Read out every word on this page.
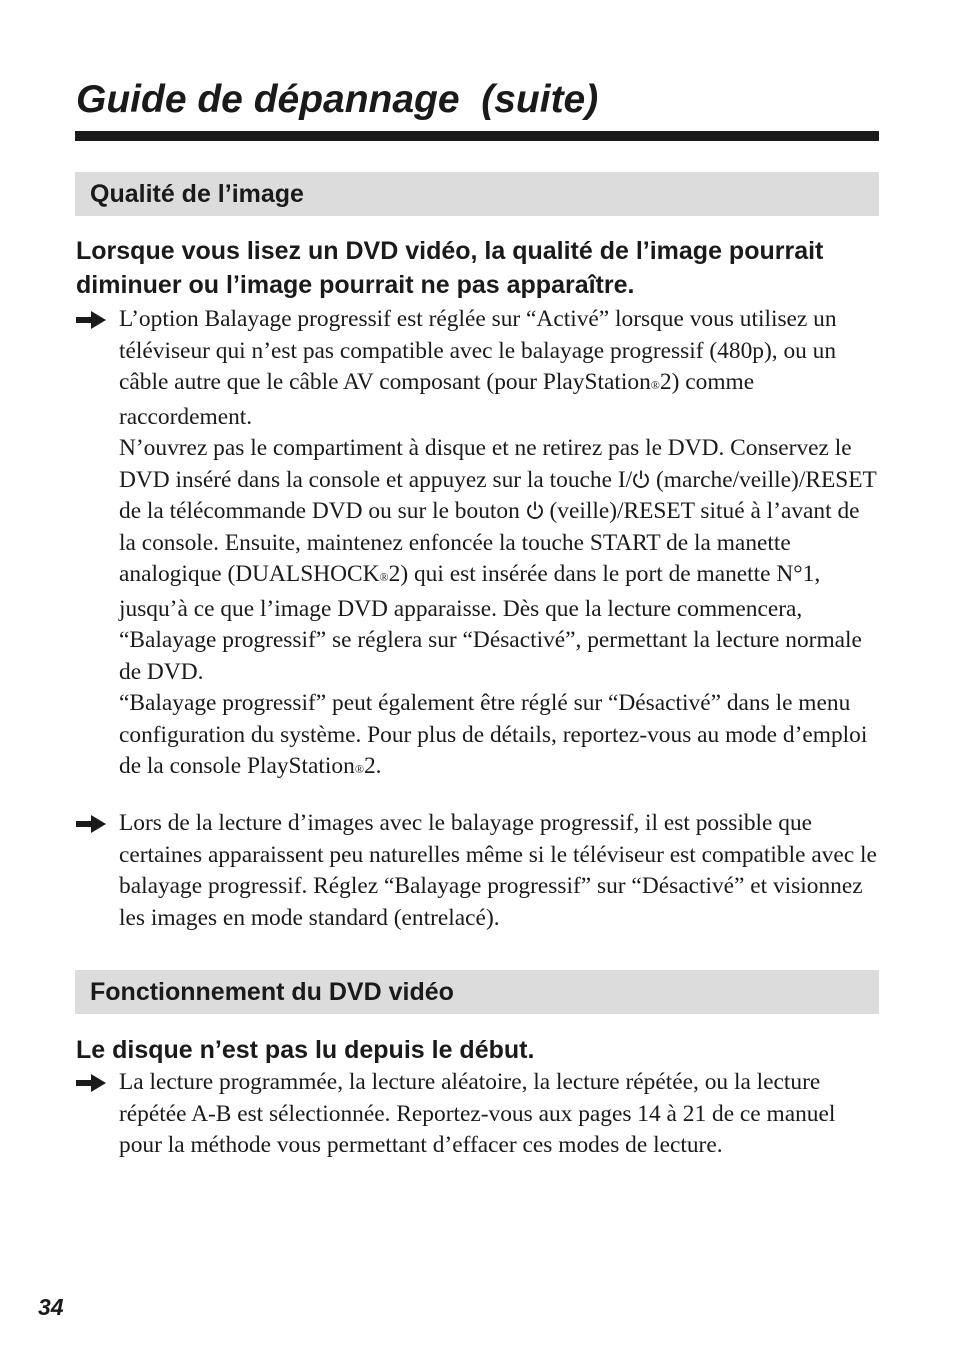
Guide de dépannage  (suite)
Qualité de l’image
Lorsque vous lisez un DVD vidéo, la qualité de l’image pourrait diminuer ou l’image pourrait ne pas apparaître.

L’option Balayage progressif est réglée sur “Activé” lorsque vous utilisez un téléviseur qui n’est pas compatible avec le balayage progressif (480p), ou un câble autre que le câble AV composant (pour PlayStation®2) comme raccordement.

N’ouvrez pas le compartiment à disque et ne retirez pas le DVD. Conservez le DVD inséré dans la console et appuyez sur la touche I/ (marche/veille)/RESET de la télécommande DVD ou sur le bouton  (veille)/RESET situé à l’avant de la console. Ensuite, maintenez enfoncée la touche START de la manette analogique (DUALSHOCK®2) qui est insérée dans le port de manette N°1, jusqu’à ce que l’image DVD apparaisse. Dès que la lecture commencera, “Balayage progressif” se réglera sur “Désactivé”, permettant la lecture normale de DVD.

“Balayage progressif” peut également être réglé sur “Désactivé” dans le menu configuration du système. Pour plus de détails, reportez-vous au mode d’emploi de la console PlayStation®2.

Lors de la lecture d’images avec le balayage progressif, il est possible que certaines apparaissent peu naturelles même si le téléviseur est compatible avec le balayage progressif. Réglez “Balayage progressif” sur “Désactivé” et visionnez les images en mode standard (entrelacé).

Fonctionnement du DVD vidéo
Le disque n’est pas lu depuis le début.

La lecture programmée, la lecture aléatoire, la lecture répétée, ou la lecture répétée A-B est sélectionnée. Reportez-vous aux pages 14 à 21 de ce manuel pour la méthode vous permettant d’effacer ces modes de lecture.

34
